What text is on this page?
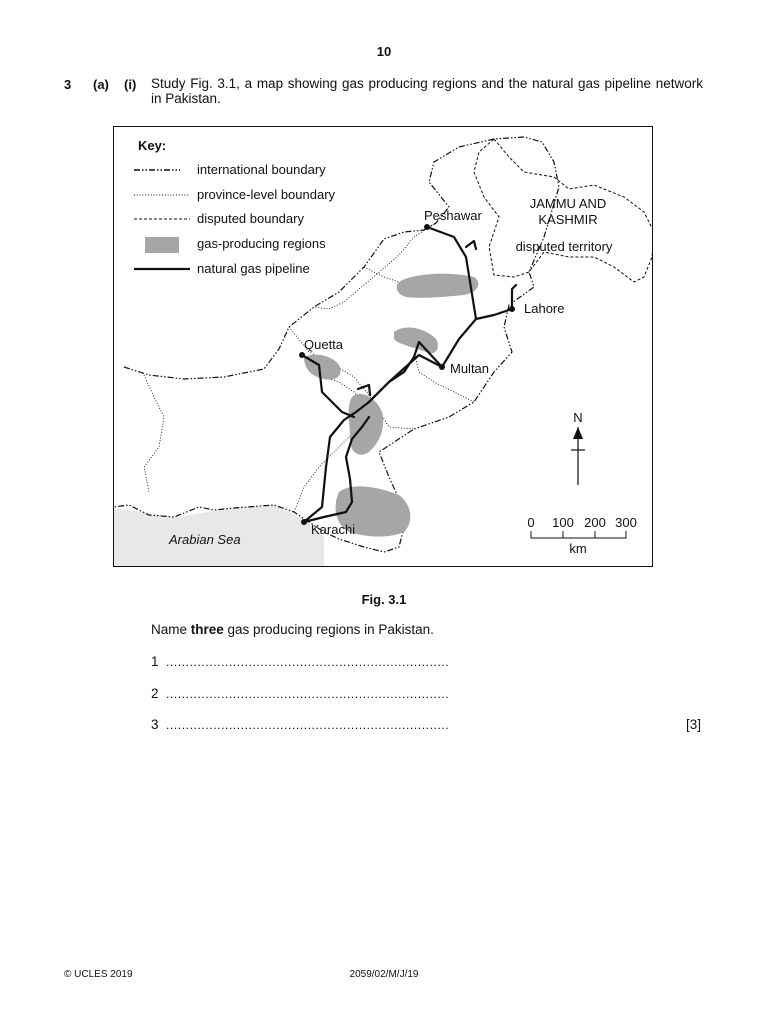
10
3 (a) (i) Study Fig. 3.1, a map showing gas producing regions and the natural gas pipeline network in Pakistan.
Peshawar
Lahore
Quetta
Multan
Karachi
JAMMU AND
KASHMIR
disputed territory
Arabian Sea
Key:
international boundary
province-level boundary
disputed boundary
gas-producing regions
natural gas pipeline
N
0 100 200 300
km
Fig. 3.1
Name three gas producing regions in Pakistan.
1 ........................................................................
2 ........................................................................
3 ........................................................................	[3]
© UCLES 2019	2059/02/M/J/19
